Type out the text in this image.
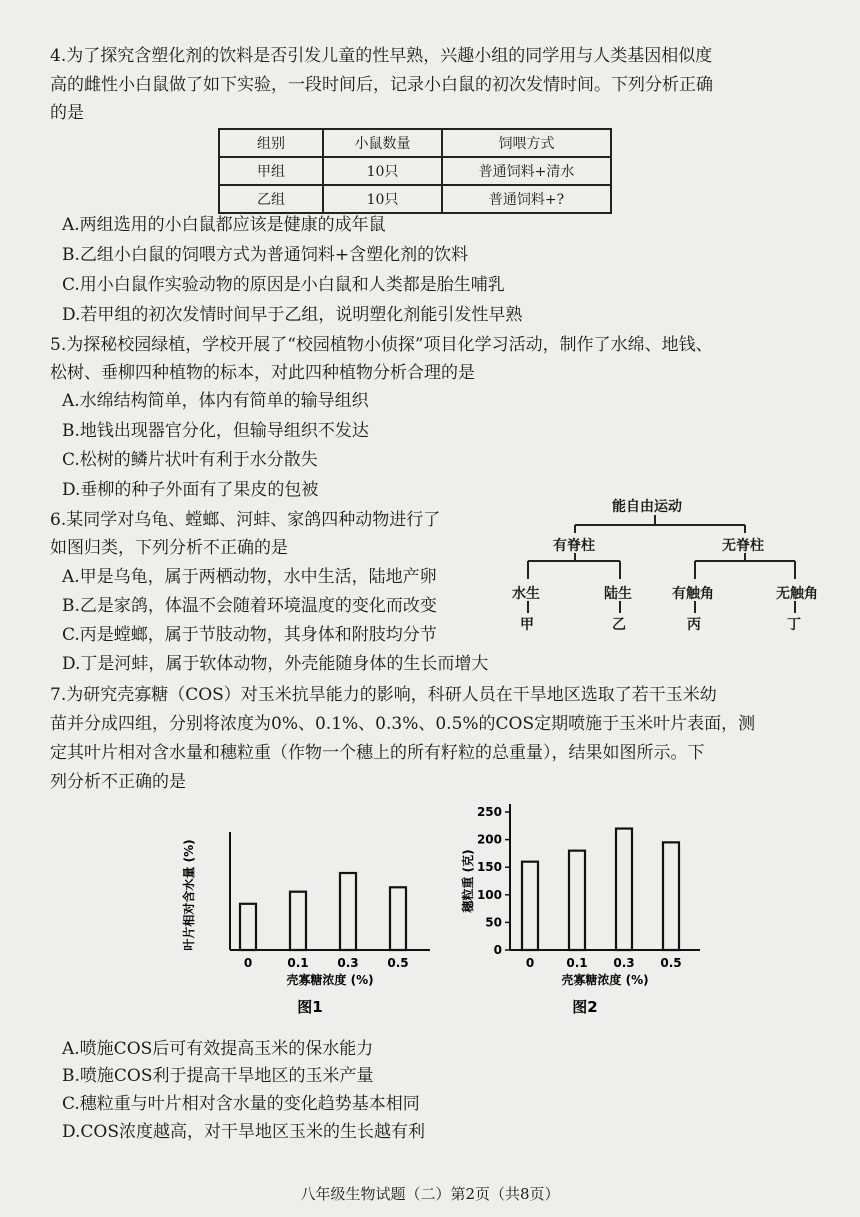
4.为了探究含塑化剂的饮料是否引发儿童的性早熟，兴趣小组的同学用与人类基因相似度
高的雌性小白鼠做了如下实验，一段时间后，记录小白鼠的初次发情时间。下列分析正确
的是
组别	小鼠数量	饲喂方式
甲组	10只	普通饲料+清水
乙组	10只	普通饲料+?
A.两组选用的小白鼠都应该是健康的成年鼠
B.乙组小白鼠的饲喂方式为普通饲料+含塑化剂的饮料
C.用小白鼠作实验动物的原因是小白鼠和人类都是胎生哺乳
D.若甲组的初次发情时间早于乙组，说明塑化剂能引发性早熟
5.为探秘校园绿植，学校开展了“校园植物小侦探”项目化学习活动，制作了水绵、地钱、
松树、垂柳四种植物的标本，对此四种植物分析合理的是
A.水绵结构简单，体内有简单的输导组织
B.地钱出现器官分化，但输导组织不发达
C.松树的鳞片状叶有利于水分散失
D.垂柳的种子外面有了果皮的包被
6.某同学对乌龟、螳螂、河蚌、家鸽四种动物进行了
如图归类，下列分析不正确的是
A.甲是乌龟，属于两栖动物，水中生活，陆地产卵
B.乙是家鸽，体温不会随着环境温度的变化而改变
C.丙是螳螂，属于节肢动物，其身体和附肢均分节
D.丁是河蚌，属于软体动物，外壳能随身体的生长而增大
能自由运动
有脊柱	无脊柱
水生	陆生	有触角	无触角
甲	乙	丙	丁
7.为研究壳寡糖（COS）对玉米抗旱能力的影响，科研人员在干旱地区选取了若干玉米幼
苗并分成四组，分别将浓度为0%、0.1%、0.3%、0.5%的COS定期喷施于玉米叶片表面，测
定其叶片相对含水量和穗粒重（作物一个穗上的所有籽粒的总重量），结果如图所示。下
列分析不正确的是
0	0.1 0.3 0.5
壳寡糖浓度 (%)
叶片相对含水量 (%)
图1
0
50
100
150
200
250
0	0.1 0.3 0.5
壳寡糖浓度 (%)
穗粒重 (克)
图2
A.喷施COS后可有效提高玉米的保水能力
B.喷施COS利于提高干旱地区的玉米产量
C.穗粒重与叶片相对含水量的变化趋势基本相同
D.COS浓度越高，对干旱地区玉米的生长越有利
八年级生物试题（二）第2页（共8页）
